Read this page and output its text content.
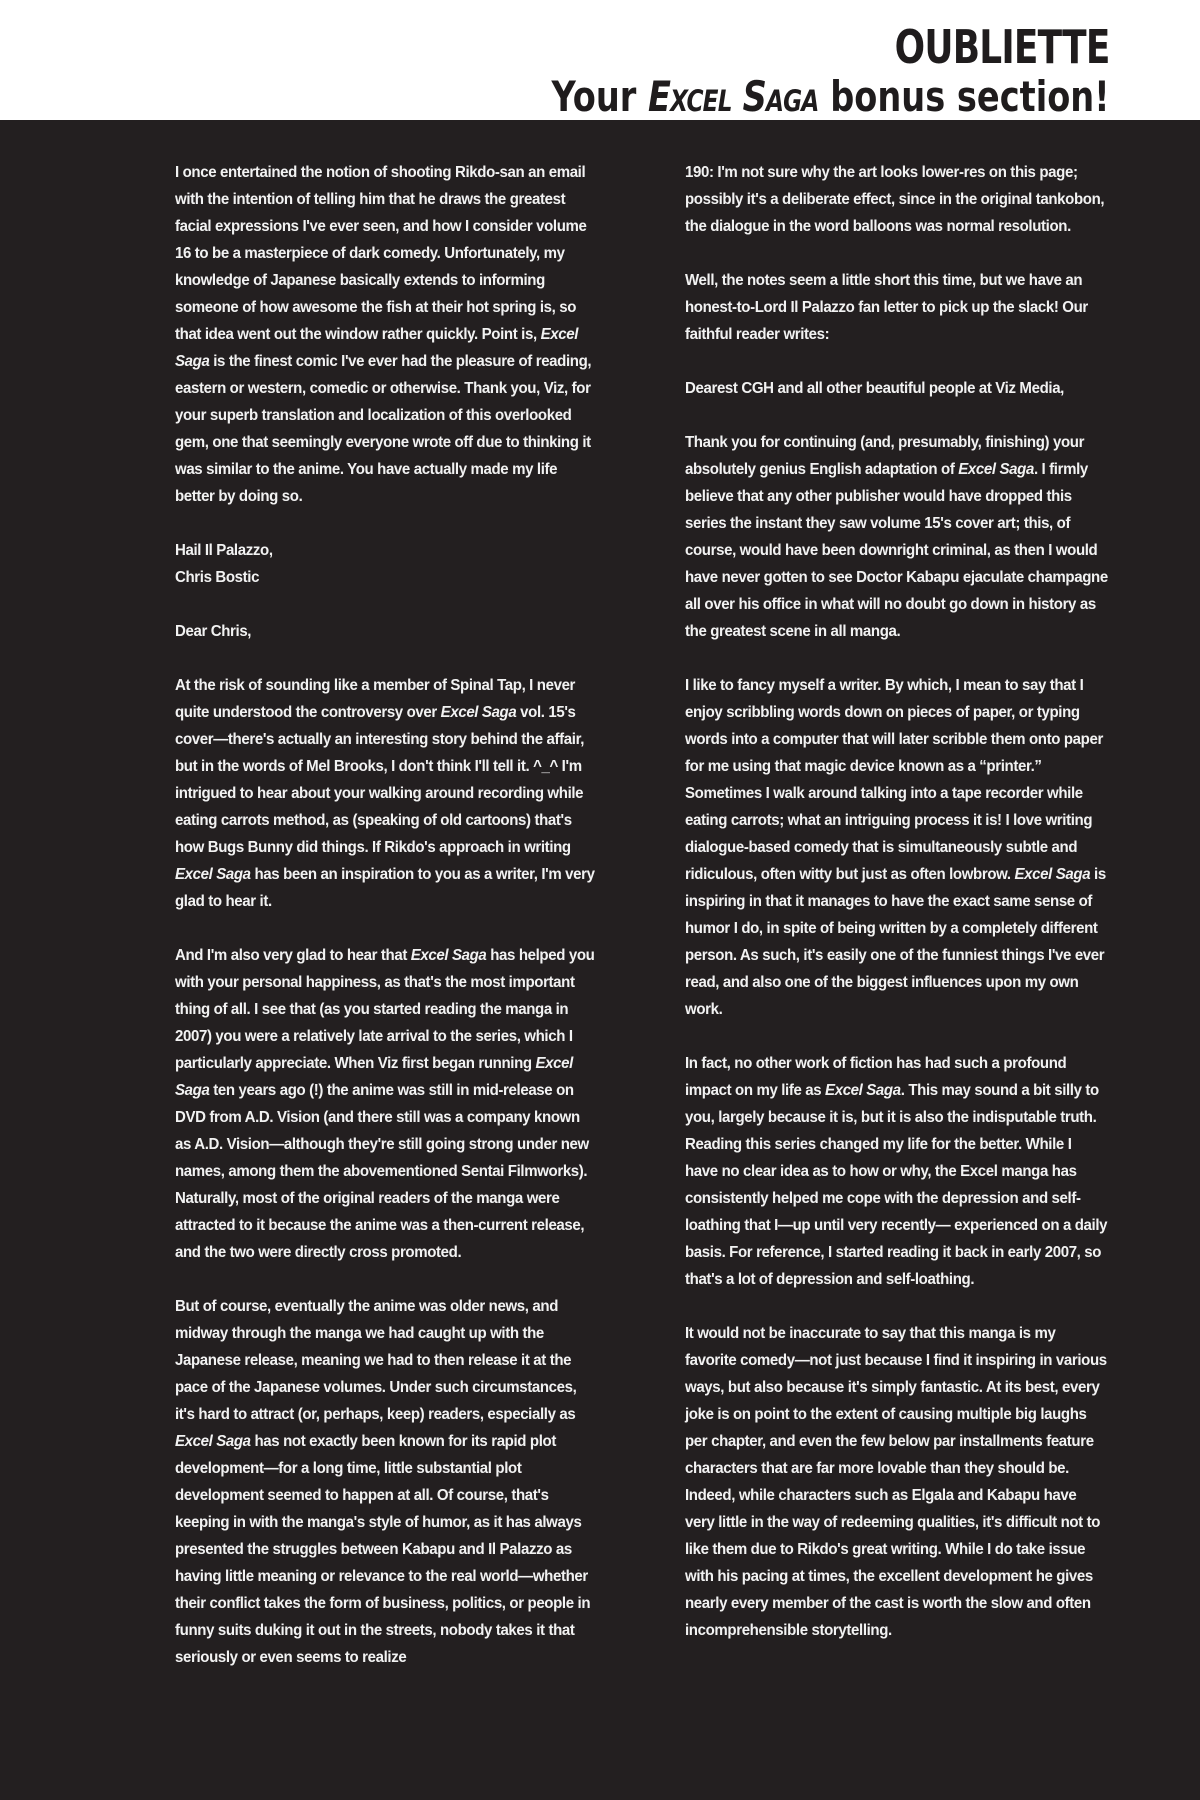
OUBLIETTE
Your Excel Saga bonus section!

I once entertained the notion of shooting Rikdo-san an email with the intention of telling him that he draws the greatest facial expressions I've ever seen, and how I consider volume 16 to be a masterpiece of dark comedy. Unfortunately, my knowledge of Japanese basically extends to informing someone of how awesome the fish at their hot spring is, so that idea went out the window rather quickly. Point is, Excel Saga is the finest comic I've ever had the pleasure of reading, eastern or western, comedic or otherwise. Thank you, Viz, for your superb translation and localization of this overlooked gem, one that seemingly everyone wrote off due to thinking it was similar to the anime. You have actually made my life better by doing so.

Hail Il Palazzo,

Chris Bostic

Dear Chris,

At the risk of sounding like a member of Spinal Tap, I never quite understood the controversy over Excel Saga vol. 15's cover—there's actually an interesting story behind the affair, but in the words of Mel Brooks, I don't think I'll tell it. ^_^ I'm intrigued to hear about your walking around recording while eating carrots method, as (speaking of old cartoons) that's how Bugs Bunny did things. If Rikdo's approach in writing Excel Saga has been an inspiration to you as a writer, I'm very glad to hear it.

And I'm also very glad to hear that Excel Saga has helped you with your personal happiness, as that's the most important thing of all. I see that (as you started reading the manga in 2007) you were a relatively late arrival to the series, which I particularly appreciate. When Viz first began running Excel Saga ten years ago (!) the anime was still in mid-release on DVD from A.D. Vision (and there still was a company known as A.D. Vision—although they're still going strong under new names, among them the abovementioned Sentai Filmworks). Naturally, most of the original readers of the manga were attracted to it because the anime was a then-current release, and the two were directly cross promoted.

But of course, eventually the anime was older news, and midway through the manga we had caught up with the Japanese release, meaning we had to then release it at the pace of the Japanese volumes. Under such circumstances, it's hard to attract (or, perhaps, keep) readers, especially as Excel Saga has not exactly been known for its rapid plot development—for a long time, little substantial plot development seemed to happen at all. Of course, that's keeping in with the manga's style of humor, as it has always presented the struggles between Kabapu and Il Palazzo as having little meaning or relevance to the real world—whether their conflict takes the form of business, politics, or people in funny suits duking it out in the streets, nobody takes it that seriously or even seems to realize

190: I'm not sure why the art looks lower-res on this page; possibly it's a deliberate effect, since in the original tankobon, the dialogue in the word balloons was normal resolution.

Well, the notes seem a little short this time, but we have an honest-to-Lord Il Palazzo fan letter to pick up the slack! Our faithful reader writes:

Dearest CGH and all other beautiful people at Viz Media,

Thank you for continuing (and, presumably, finishing) your absolutely genius English adaptation of Excel Saga. I firmly believe that any other publisher would have dropped this series the instant they saw volume 15's cover art; this, of course, would have been downright criminal, as then I would have never gotten to see Doctor Kabapu ejaculate champagne all over his office in what will no doubt go down in history as the greatest scene in all manga.

I like to fancy myself a writer. By which, I mean to say that I enjoy scribbling words down on pieces of paper, or typing words into a computer that will later scribble them onto paper for me using that magic device known as a “printer.” Sometimes I walk around talking into a tape recorder while eating carrots; what an intriguing process it is! I love writing dialogue-based comedy that is simultaneously subtle and ridiculous, often witty but just as often lowbrow. Excel Saga is inspiring in that it manages to have the exact same sense of humor I do, in spite of being written by a completely different person. As such, it's easily one of the funniest things I've ever read, and also one of the biggest influences upon my own work.

In fact, no other work of fiction has had such a profound impact on my life as Excel Saga. This may sound a bit silly to you, largely because it is, but it is also the indisputable truth. Reading this series changed my life for the better. While I have no clear idea as to how or why, the Excel manga has consistently helped me cope with the depression and self-loathing that I—up until very recently— experienced on a daily basis. For reference, I started reading it back in early 2007, so that's a lot of depression and self-loathing.

It would not be inaccurate to say that this manga is my favorite comedy—not just because I find it inspiring in various ways, but also because it's simply fantastic. At its best, every joke is on point to the extent of causing multiple big laughs per chapter, and even the few below par installments feature characters that are far more lovable than they should be. Indeed, while characters such as Elgala and Kabapu have very little in the way of redeeming qualities, it's difficult not to like them due to Rikdo's great writing. While I do take issue with his pacing at times, the excellent development he gives nearly every member of the cast is worth the slow and often incomprehensible storytelling.
